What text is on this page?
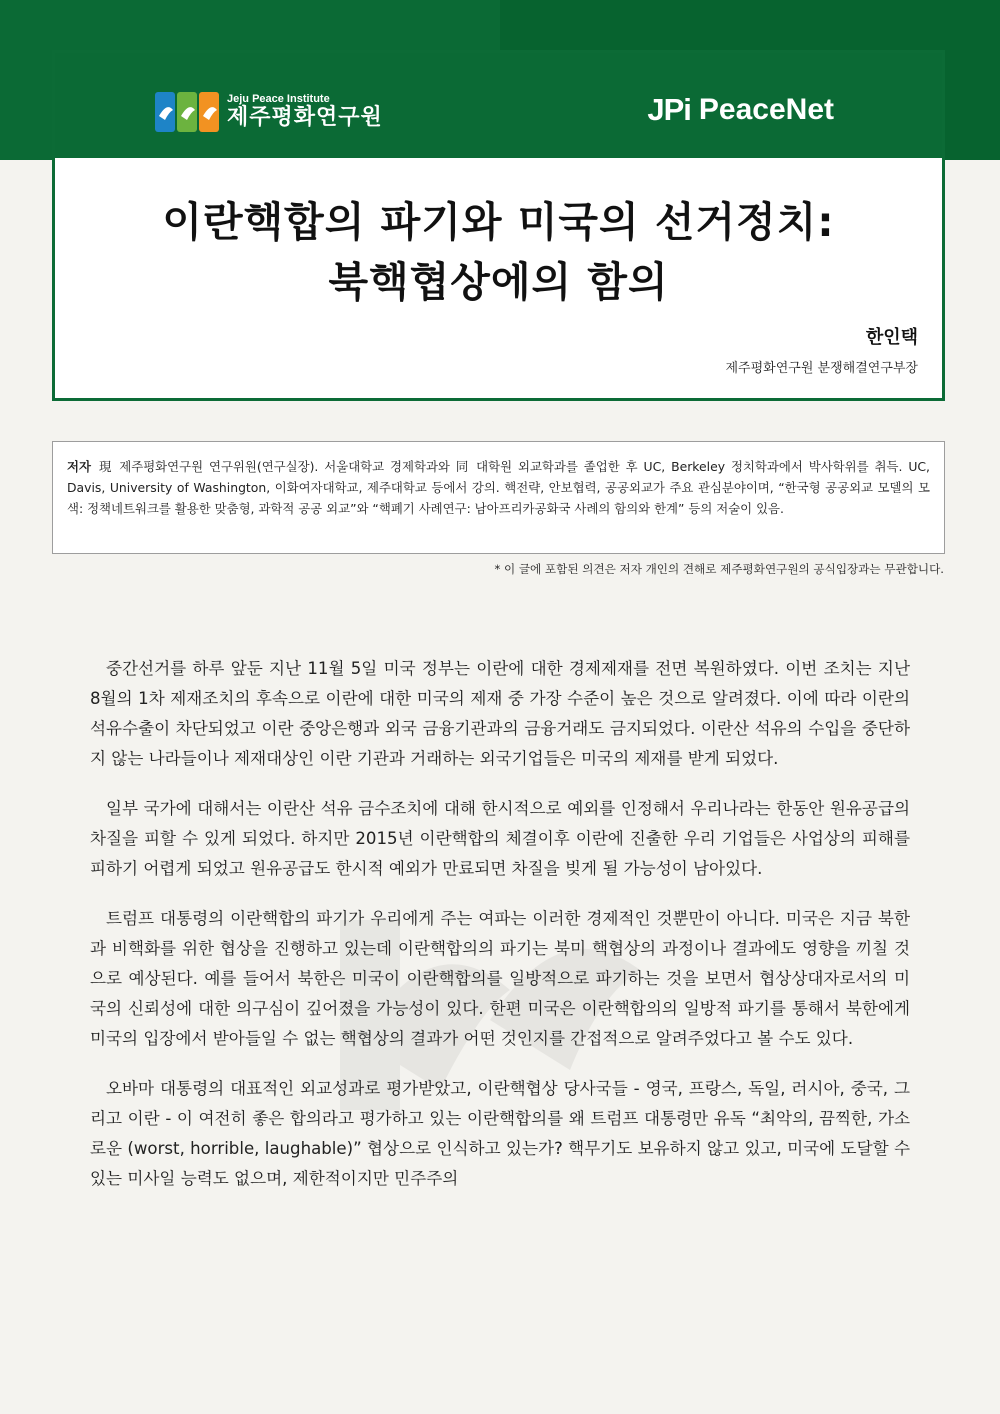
Jeju Peace Institute
제주평화연구원	JPi PeaceNet
이란핵합의 파기와 미국의 선거정치:
북핵협상에의 함의
한인택
제주평화연구원 분쟁해결연구부장
저자 現 제주평화연구원 연구위원(연구실장). 서울대학교 경제학과와 同 대학원 외교학과를 졸업한 후 UC, Berkeley 정치학과에서 박사학위를 취득. UC, Davis, University of Washington, 이화여자대학교, 제주대학교 등에서 강의. 핵전략, 안보협력, 공공외교가 주요 관심분야이며, “한국형 공공외교 모델의 모색: 정책네트워크를 활용한 맞춤형, 과학적 공공 외교”와 “핵폐기 사례연구: 남아프리카공화국 사례의 함의와 한계” 등의 저술이 있음.
* 이 글에 포함된 의견은 저자 개인의 견해로 제주평화연구원의 공식입장과는 무관합니다.

중간선거를 하루 앞둔 지난 11월 5일 미국 정부는 이란에 대한 경제제재를 전면 복원하였다. 이번 조치는 지난 8월의 1차 제재조치의 후속으로 이란에 대한 미국의 제재 중 가장 수준이 높은 것으로 알려졌다. 이에 따라 이란의 석유수출이 차단되었고 이란 중앙은행과 외국 금융기관과의 금융거래도 금지되었다. 이란산 석유의 수입을 중단하지 않는 나라들이나 제재대상인 이란 기관과 거래하는 외국기업들은 미국의 제재를 받게 되었다.

일부 국가에 대해서는 이란산 석유 금수조치에 대해 한시적으로 예외를 인정해서 우리나라는 한동안 원유공급의 차질을 피할 수 있게 되었다. 하지만 2015년 이란핵합의 체결이후 이란에 진출한 우리 기업들은 사업상의 피해를 피하기 어렵게 되었고 원유공급도 한시적 예외가 만료되면 차질을 빚게 될 가능성이 남아있다.

트럼프 대통령의 이란핵합의 파기가 우리에게 주는 여파는 이러한 경제적인 것뿐만이 아니다. 미국은 지금 북한과 비핵화를 위한 협상을 진행하고 있는데 이란핵합의의 파기는 북미 핵협상의 과정이나 결과에도 영향을 끼칠 것으로 예상된다. 예를 들어서 북한은 미국이 이란핵합의를 일방적으로 파기하는 것을 보면서 협상상대자로서의 미국의 신뢰성에 대한 의구심이 깊어졌을 가능성이 있다. 한편 미국은 이란핵합의의 일방적 파기를 통해서 북한에게 미국의 입장에서 받아들일 수 없는 핵협상의 결과가 어떤 것인지를 간접적으로 알려주었다고 볼 수도 있다.

오바마 대통령의 대표적인 외교성과로 평가받았고, 이란핵협상 당사국들 - 영국, 프랑스, 독일, 러시아, 중국, 그리고 이란 - 이 여전히 좋은 합의라고 평가하고 있는 이란핵합의를 왜 트럼프 대통령만 유독 “최악의, 끔찍한, 가소로운 (worst, horrible, laughable)” 협상으로 인식하고 있는가? 핵무기도 보유하지 않고 있고, 미국에 도달할 수 있는 미사일 능력도 없으며, 제한적이지만 민주주의
